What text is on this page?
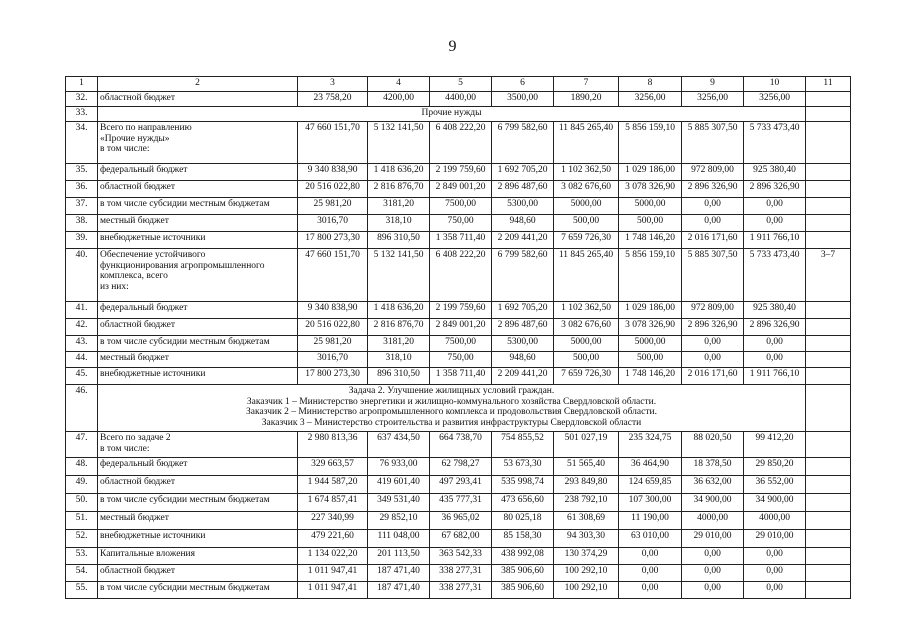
9
1	2	3	4	5	6	7	8	9	10	11
32.	областной бюджет	23 758,20	4200,00	4400,00	3500,00	1890,20	3256,00	3256,00	3256,00	
33.	Прочие нужды									
34.	Всего по направлению
«Прочие нужды»
в том числе:	47 660 151,70	5 132 141,50	6 408 222,20	6 799 582,60	11 845 265,40	5 856 159,10	5 885 307,50	5 733 473,40	
35.	федеральный бюджет	9 340 838,90	1 418 636,20	2 199 759,60	1 692 705,20	1 102 362,50	1 029 186,00	972 809,00	925 380,40	
36.	областной бюджет	20 516 022,80	2 816 876,70	2 849 001,20	2 896 487,60	3 082 676,60	3 078 326,90	2 896 326,90	2 896 326,90	
37.	в том числе субсидии местным бюджетам	25 981,20	3181,20	7500,00	5300,00	5000,00	5000,00	0,00	0,00	
38.	местный бюджет	3016,70	318,10	750,00	948,60	500,00	500,00	0,00	0,00	
39.	внебюджетные источники	17 800 273,30	896 310,50	1 358 711,40	2 209 441,20	7 659 726,30	1 748 146,20	2 016 171,60	1 911 766,10	
40.	Обеспечение устойчивого
функционирования агропромышленного
комплекса, всего
из них:	47 660 151,70	5 132 141,50	6 408 222,20	6 799 582,60	11 845 265,40	5 856 159,10	5 885 307,50	5 733 473,40	3–7
41.	федеральный бюджет	9 340 838,90	1 418 636,20	2 199 759,60	1 692 705,20	1 102 362,50	1 029 186,00	972 809,00	925 380,40	
42.	областной бюджет	20 516 022,80	2 816 876,70	2 849 001,20	2 896 487,60	3 082 676,60	3 078 326,90	2 896 326,90	2 896 326,90	
43.	в том числе субсидии местным бюджетам	25 981,20	3181,20	7500,00	5300,00	5000,00	5000,00	0,00	0,00	
44.	местный бюджет	3016,70	318,10	750,00	948,60	500,00	500,00	0,00	0,00	
45.	внебюджетные источники	17 800 273,30	896 310,50	1 358 711,40	2 209 441,20	7 659 726,30	1 748 146,20	2 016 171,60	1 911 766,10	
46.	Задача 2. Улучшение жилищных условий граждан.
Заказчик 1 – Министерство энергетики и жилищно-коммунального хозяйства Свердловской области.
Заказчик 2 – Министерство агропромышленного комплекса и продовольствия Свердловской области.
Заказчик 3 – Министерство строительства и развития инфраструктуры Свердловской области									
47.	Всего по задаче 2
в том числе:	2 980 813,36	637 434,50	664 738,70	754 855,52	501 027,19	235 324,75	88 020,50	99 412,20	
48.	федеральный бюджет	329 663,57	76 933,00	62 798,27	53 673,30	51 565,40	36 464,90	18 378,50	29 850,20	
49.	областной бюджет	1 944 587,20	419 601,40	497 293,41	535 998,74	293 849,80	124 659,85	36 632,00	36 552,00	
50.	в том числе субсидии местным бюджетам	1 674 857,41	349 531,40	435 777,31	473 656,60	238 792,10	107 300,00	34 900,00	34 900,00	
51.	местный бюджет	227 340,99	29 852,10	36 965,02	80 025,18	61 308,69	11 190,00	4000,00	4000,00	
52.	внебюджетные источники	479 221,60	111 048,00	67 682,00	85 158,30	94 303,30	63 010,00	29 010,00	29 010,00	
53.	Капитальные вложения	1 134 022,20	201 113,50	363 542,33	438 992,08	130 374,29	0,00	0,00	0,00	
54.	областной бюджет	1 011 947,41	187 471,40	338 277,31	385 906,60	100 292,10	0,00	0,00	0,00	
55.	в том числе субсидии местным бюджетам	1 011 947,41	187 471,40	338 277,31	385 906,60	100 292,10	0,00	0,00	0,00	
